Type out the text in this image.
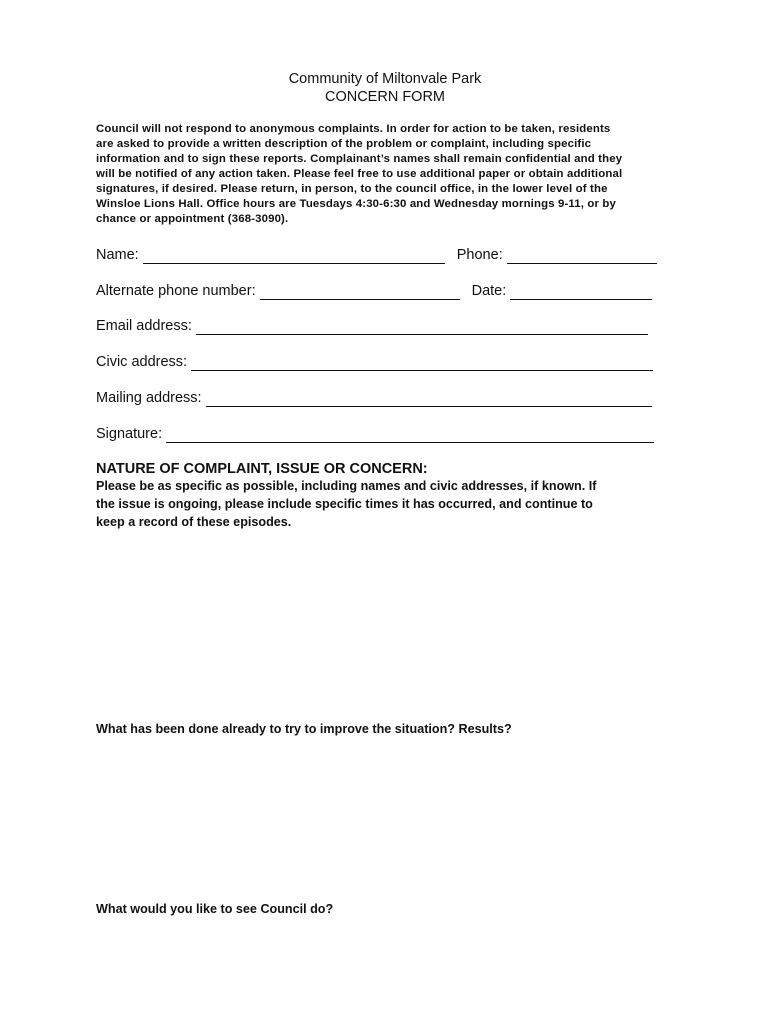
Community of Miltonvale Park
CONCERN FORM
Council will not respond to anonymous complaints. In order for action to be taken, residents
are asked to provide a written description of the problem or complaint, including specific
information and to sign these reports. Complainant’s names shall remain confidential and they
will be notified of any action taken. Please feel free to use additional paper or obtain additional
signatures, if desired. Please return, in person, to the council office, in the lower level of the
Winsloe Lions Hall. Office hours are Tuesdays 4:30-6:30 and Wednesday mornings 9-11, or by
chance or appointment (368-3090).
Name:	Phone:
Alternate phone number:	Date:
Email address:
Civic address:
Mailing address:
Signature:
NATURE OF COMPLAINT, ISSUE OR CONCERN:
Please be as specific as possible, including names and civic addresses, if known. If
the issue is ongoing, please include specific times it has occurred, and continue to
keep a record of these episodes.
What has been done already to try to improve the situation? Results?
What would you like to see Council do?
